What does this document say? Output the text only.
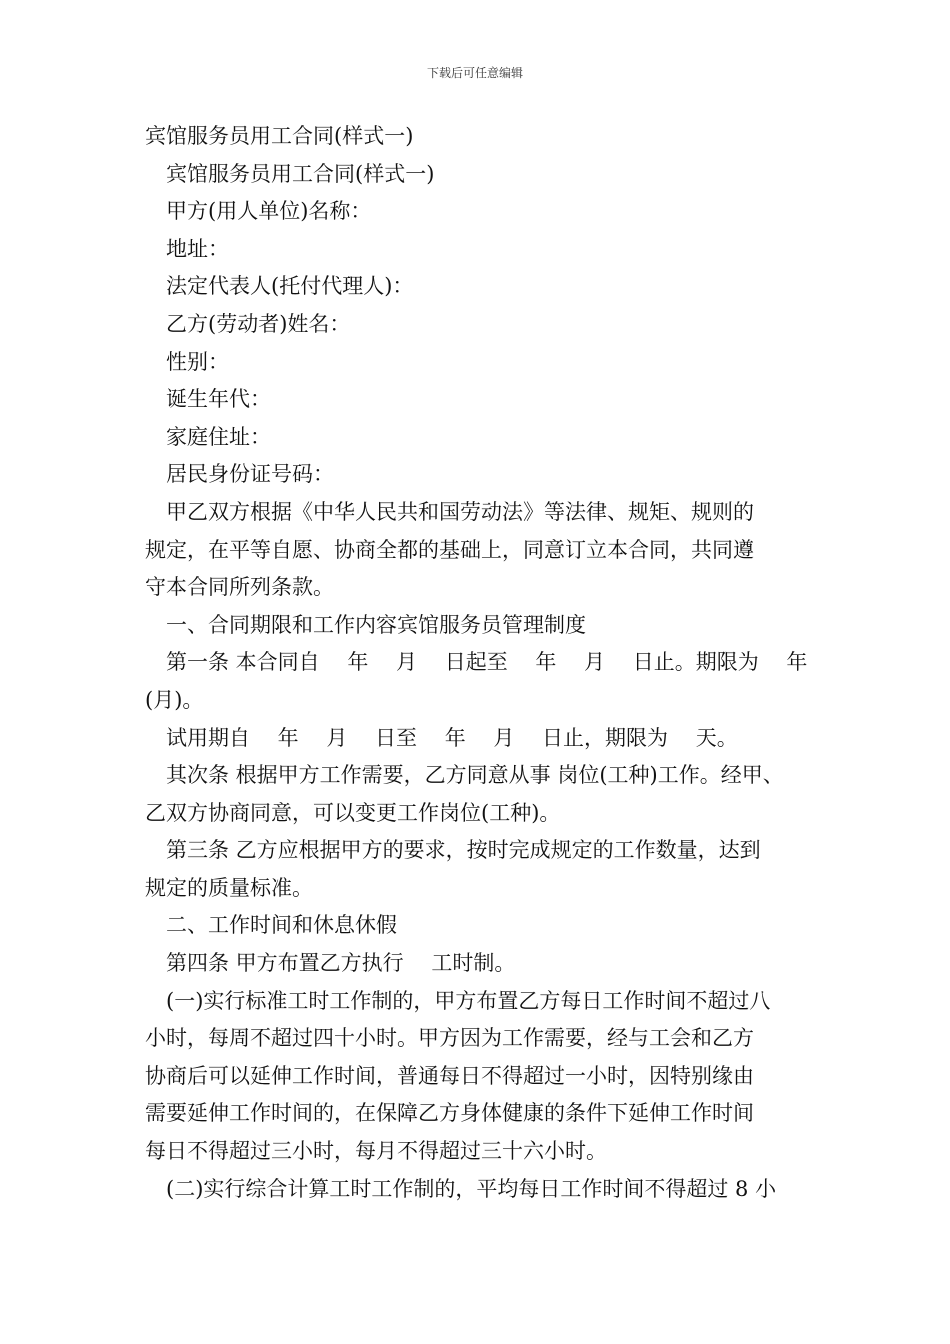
下载后可任意编辑

宾馆服务员用工合同(样式一)

宾馆服务员用工合同(样式一)

甲方(用人单位)名称：

地址：

法定代表人(托付代理人)：

乙方(劳动者)姓名：

性别：

诞生年代：

家庭住址：

居民身份证号码：

甲乙双方根据《中华人民共和国劳动法》等法律、规矩、规则的

规定，在平等自愿、协商全都的基础上，同意订立本合同，共同遵

守本合同所列条款。

一、合同期限和工作内容宾馆服务员管理制度

第一条 本合同自　 年　 月　 日起至　 年　 月　 日止。期限为　 年

(月)。

试用期自　 年　 月　 日至　 年　 月　 日止，期限为　 天。

其次条 根据甲方工作需要，乙方同意从事 岗位(工种)工作。经甲、

乙双方协商同意，可以变更工作岗位(工种)。

第三条 乙方应根据甲方的要求，按时完成规定的工作数量，达到

规定的质量标准。

二、工作时间和休息休假

第四条 甲方布置乙方执行　 工时制。

(一)实行标准工时工作制的，甲方布置乙方每日工作时间不超过八

小时，每周不超过四十小时。甲方因为工作需要，经与工会和乙方

协商后可以延伸工作时间，普通每日不得超过一小时，因特别缘由

需要延伸工作时间的，在保障乙方身体健康的条件下延伸工作时间

每日不得超过三小时，每月不得超过三十六小时。

(二)实行综合计算工时工作制的，平均每日工作时间不得超过 8 小
